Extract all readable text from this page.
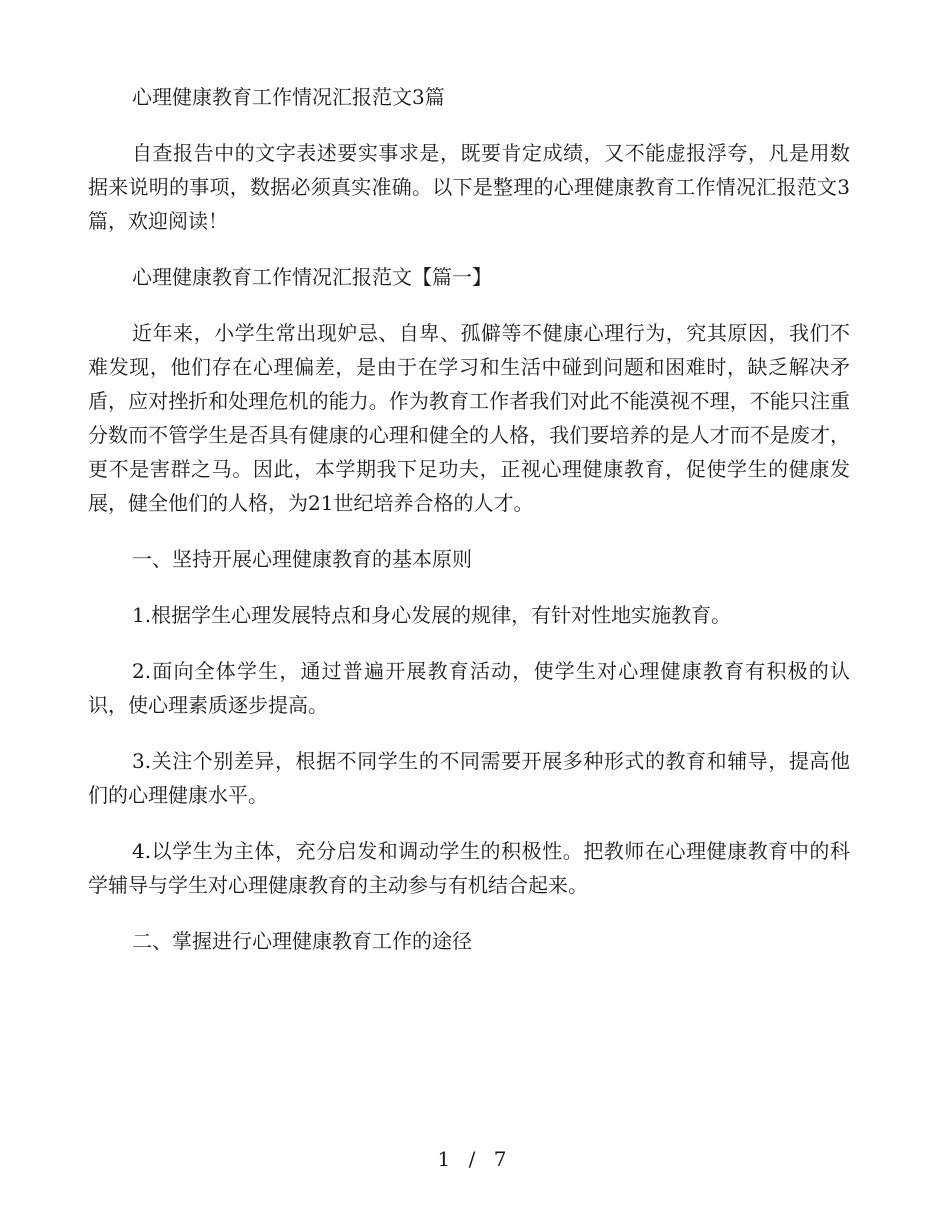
心理健康教育工作情况汇报范文3篇

自查报告中的文字表述要实事求是，既要肯定成绩，又不能虚报浮夸，凡是用数据来说明的事项，数据必须真实准确。以下是整理的心理健康教育工作情况汇报范文3篇，欢迎阅读！

心理健康教育工作情况汇报范文【篇一】

近年来，小学生常出现妒忌、自卑、孤僻等不健康心理行为，究其原因，我们不难发现，他们存在心理偏差，是由于在学习和生活中碰到问题和困难时，缺乏解决矛盾，应对挫折和处理危机的能力。作为教育工作者我们对此不能漠视不理，不能只注重分数而不管学生是否具有健康的心理和健全的人格，我们要培养的是人才而不是废才，更不是害群之马。因此，本学期我下足功夫，正视心理健康教育，促使学生的健康发展，健全他们的人格，为21世纪培养合格的人才。

一、坚持开展心理健康教育的基本原则

1.根据学生心理发展特点和身心发展的规律，有针对性地实施教育。

2.面向全体学生，通过普遍开展教育活动，使学生对心理健康教育有积极的认识，使心理素质逐步提高。

3.关注个别差异，根据不同学生的不同需要开展多种形式的教育和辅导，提高他们的心理健康水平。

4.以学生为主体，充分启发和调动学生的积极性。把教师在心理健康教育中的科学辅导与学生对心理健康教育的主动参与有机结合起来。

二、掌握进行心理健康教育工作的途径

1 / 7
